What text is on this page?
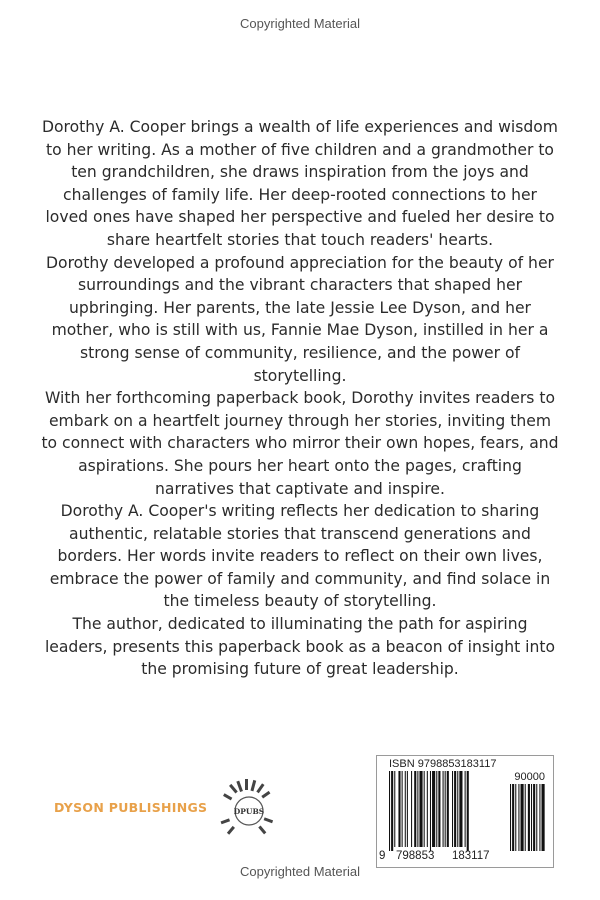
Copyrighted Material

Dorothy A. Cooper brings a wealth of life experiences and wisdom to her writing. As a mother of five children and a grandmother to ten grandchildren, she draws inspiration from the joys and challenges of family life. Her deep-rooted connections to her loved ones have shaped her perspective and fueled her desire to share heartfelt stories that touch readers' hearts.

Dorothy developed a profound appreciation for the beauty of her surroundings and the vibrant characters that shaped her upbringing. Her parents, the late Jessie Lee Dyson, and her mother, who is still with us, Fannie Mae Dyson, instilled in her a strong sense of community, resilience, and the power of storytelling.

With her forthcoming paperback book, Dorothy invites readers to embark on a heartfelt journey through her stories, inviting them to connect with characters who mirror their own hopes, fears, and aspirations. She pours her heart onto the pages, crafting narratives that captivate and inspire.

Dorothy A. Cooper's writing reflects her dedication to sharing authentic, relatable stories that transcend generations and borders. Her words invite readers to reflect on their own lives, embrace the power of family and community, and find solace in the timeless beauty of storytelling.

The author, dedicated to illuminating the path for aspiring leaders, presents this paperback book as a beacon of insight into the promising future of great leadership.

DYSON PUBLISHINGS	DPUBS
ISBN 9798853183117
90000
9 798853 183117
Copyrighted Material
